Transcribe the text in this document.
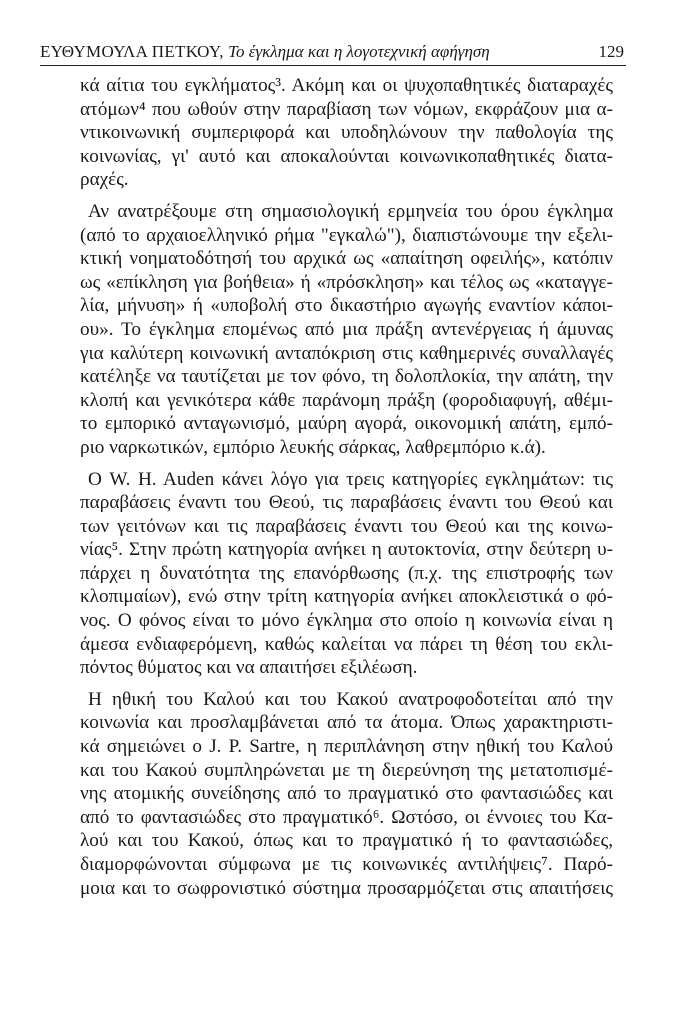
ΕΥΘΥΜΟΥΛΑ ΠΕΤΚΟΥ, Το έγκλημα και η λογοτεχνική αφήγηση	129

κά αίτια του εγκλήματος³. Ακόμη και οι ψυχοπαθητικές διαταραχές
ατόμων⁴ που ωθούν στην παραβίαση των νόμων, εκφράζουν μια α-
ντικοινωνική συμπεριφορά και υποδηλώνουν την παθολογία της
κοινωνίας, γι' αυτό και αποκαλούνται κοινωνικοπαθητικές διατα-
ραχές.

Αν ανατρέξουμε στη σημασιολογική ερμηνεία του όρου έγκλημα
(από το αρχαιοελληνικό ρήμα "εγκαλώ"), διαπιστώνουμε την εξελι-
κτική νοηματοδότησή του αρχικά ως «απαίτηση οφειλής», κατόπιν
ως «επίκληση για βοήθεια» ή «πρόσκληση» και τέλος ως «καταγγε-
λία, μήνυση» ή «υποβολή στο δικαστήριο αγωγής εναντίον κάποι-
ου». Το έγκλημα επομένως από μια πράξη αντενέργειας ή άμυνας
για καλύτερη κοινωνική ανταπόκριση στις καθημερινές συναλλαγές
κατέληξε να ταυτίζεται με τον φόνο, τη δολοπλοκία, την απάτη, την
κλοπή και γενικότερα κάθε παράνομη πράξη (φοροδιαφυγή, αθέμι-
το εμπορικό ανταγωνισμό, μαύρη αγορά, οικονομική απάτη, εμπό-
ριο ναρκωτικών, εμπόριο λευκής σάρκας, λαθρεμπόριο κ.ά).

Ο W. H. Auden κάνει λόγο για τρεις κατηγορίες εγκλημάτων: τις
παραβάσεις έναντι του Θεού, τις παραβάσεις έναντι του Θεού και
των γειτόνων και τις παραβάσεις έναντι του Θεού και της κοινω-
νίας⁵. Στην πρώτη κατηγορία ανήκει η αυτοκτονία, στην δεύτερη υ-
πάρχει η δυνατότητα της επανόρθωσης (π.χ. της επιστροφής των
κλοπιμαίων), ενώ στην τρίτη κατηγορία ανήκει αποκλειστικά ο φό-
νος. Ο φόνος είναι το μόνο έγκλημα στο οποίο η κοινωνία είναι η
άμεσα ενδιαφερόμενη, καθώς καλείται να πάρει τη θέση του εκλι-
πόντος θύματος και να απαιτήσει εξιλέωση.

Η ηθική του Καλού και του Κακού ανατροφοδοτείται από την
κοινωνία και προσλαμβάνεται από τα άτομα. Όπως χαρακτηριστι-
κά σημειώνει ο J. P. Sartre, η περιπλάνηση στην ηθική του Καλού
και του Κακού συμπληρώνεται με τη διερεύνηση της μετατοπισμέ-
νης ατομικής συνείδησης από το πραγματικό στο φαντασιώδες και
από το φαντασιώδες στο πραγματικό⁶. Ωστόσο, οι έννοιες του Κα-
λού και του Κακού, όπως και το πραγματικό ή το φαντασιώδες,
διαμορφώνονται σύμφωνα με τις κοινωνικές αντιλήψεις⁷. Παρό-
μοια και το σωφρονιστικό σύστημα προσαρμόζεται στις απαιτήσεις
